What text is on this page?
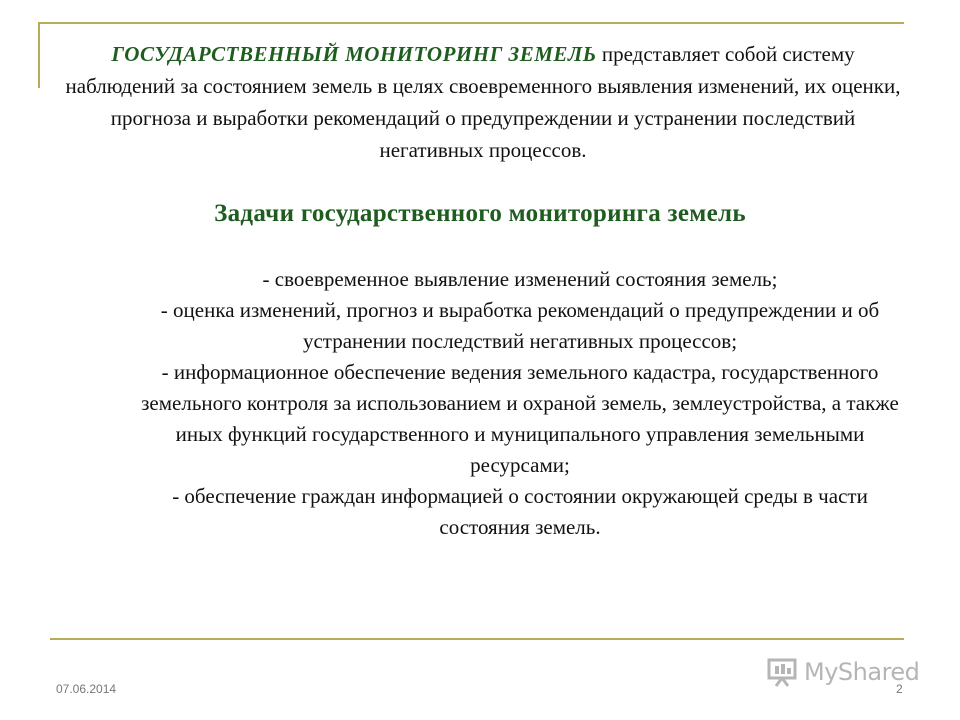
ГОСУДАРСТВЕННЫЙ МОНИТОРИНГ ЗЕМЕЛЬ представляет собой систему наблюдений за состоянием земель в целях своевременного выявления изменений, их оценки, прогноза и выработки рекомендаций о предупреждении и устранении последствий негативных процессов.

Задачи государственного мониторинга земель
- своевременное выявление изменений состояния земель;
- оценка изменений, прогноз и выработка рекомендаций о предупреждении и об устранении последствий негативных процессов;
- информационное обеспечение ведения земельного кадастра, государственного земельного контроля за использованием и охраной земель, землеустройства, а также иных функций государственного и муниципального управления земельными ресурсами;
- обеспечение граждан информацией о состоянии окружающей среды в части состояния земель.
07.06.2014	2
MyShared
